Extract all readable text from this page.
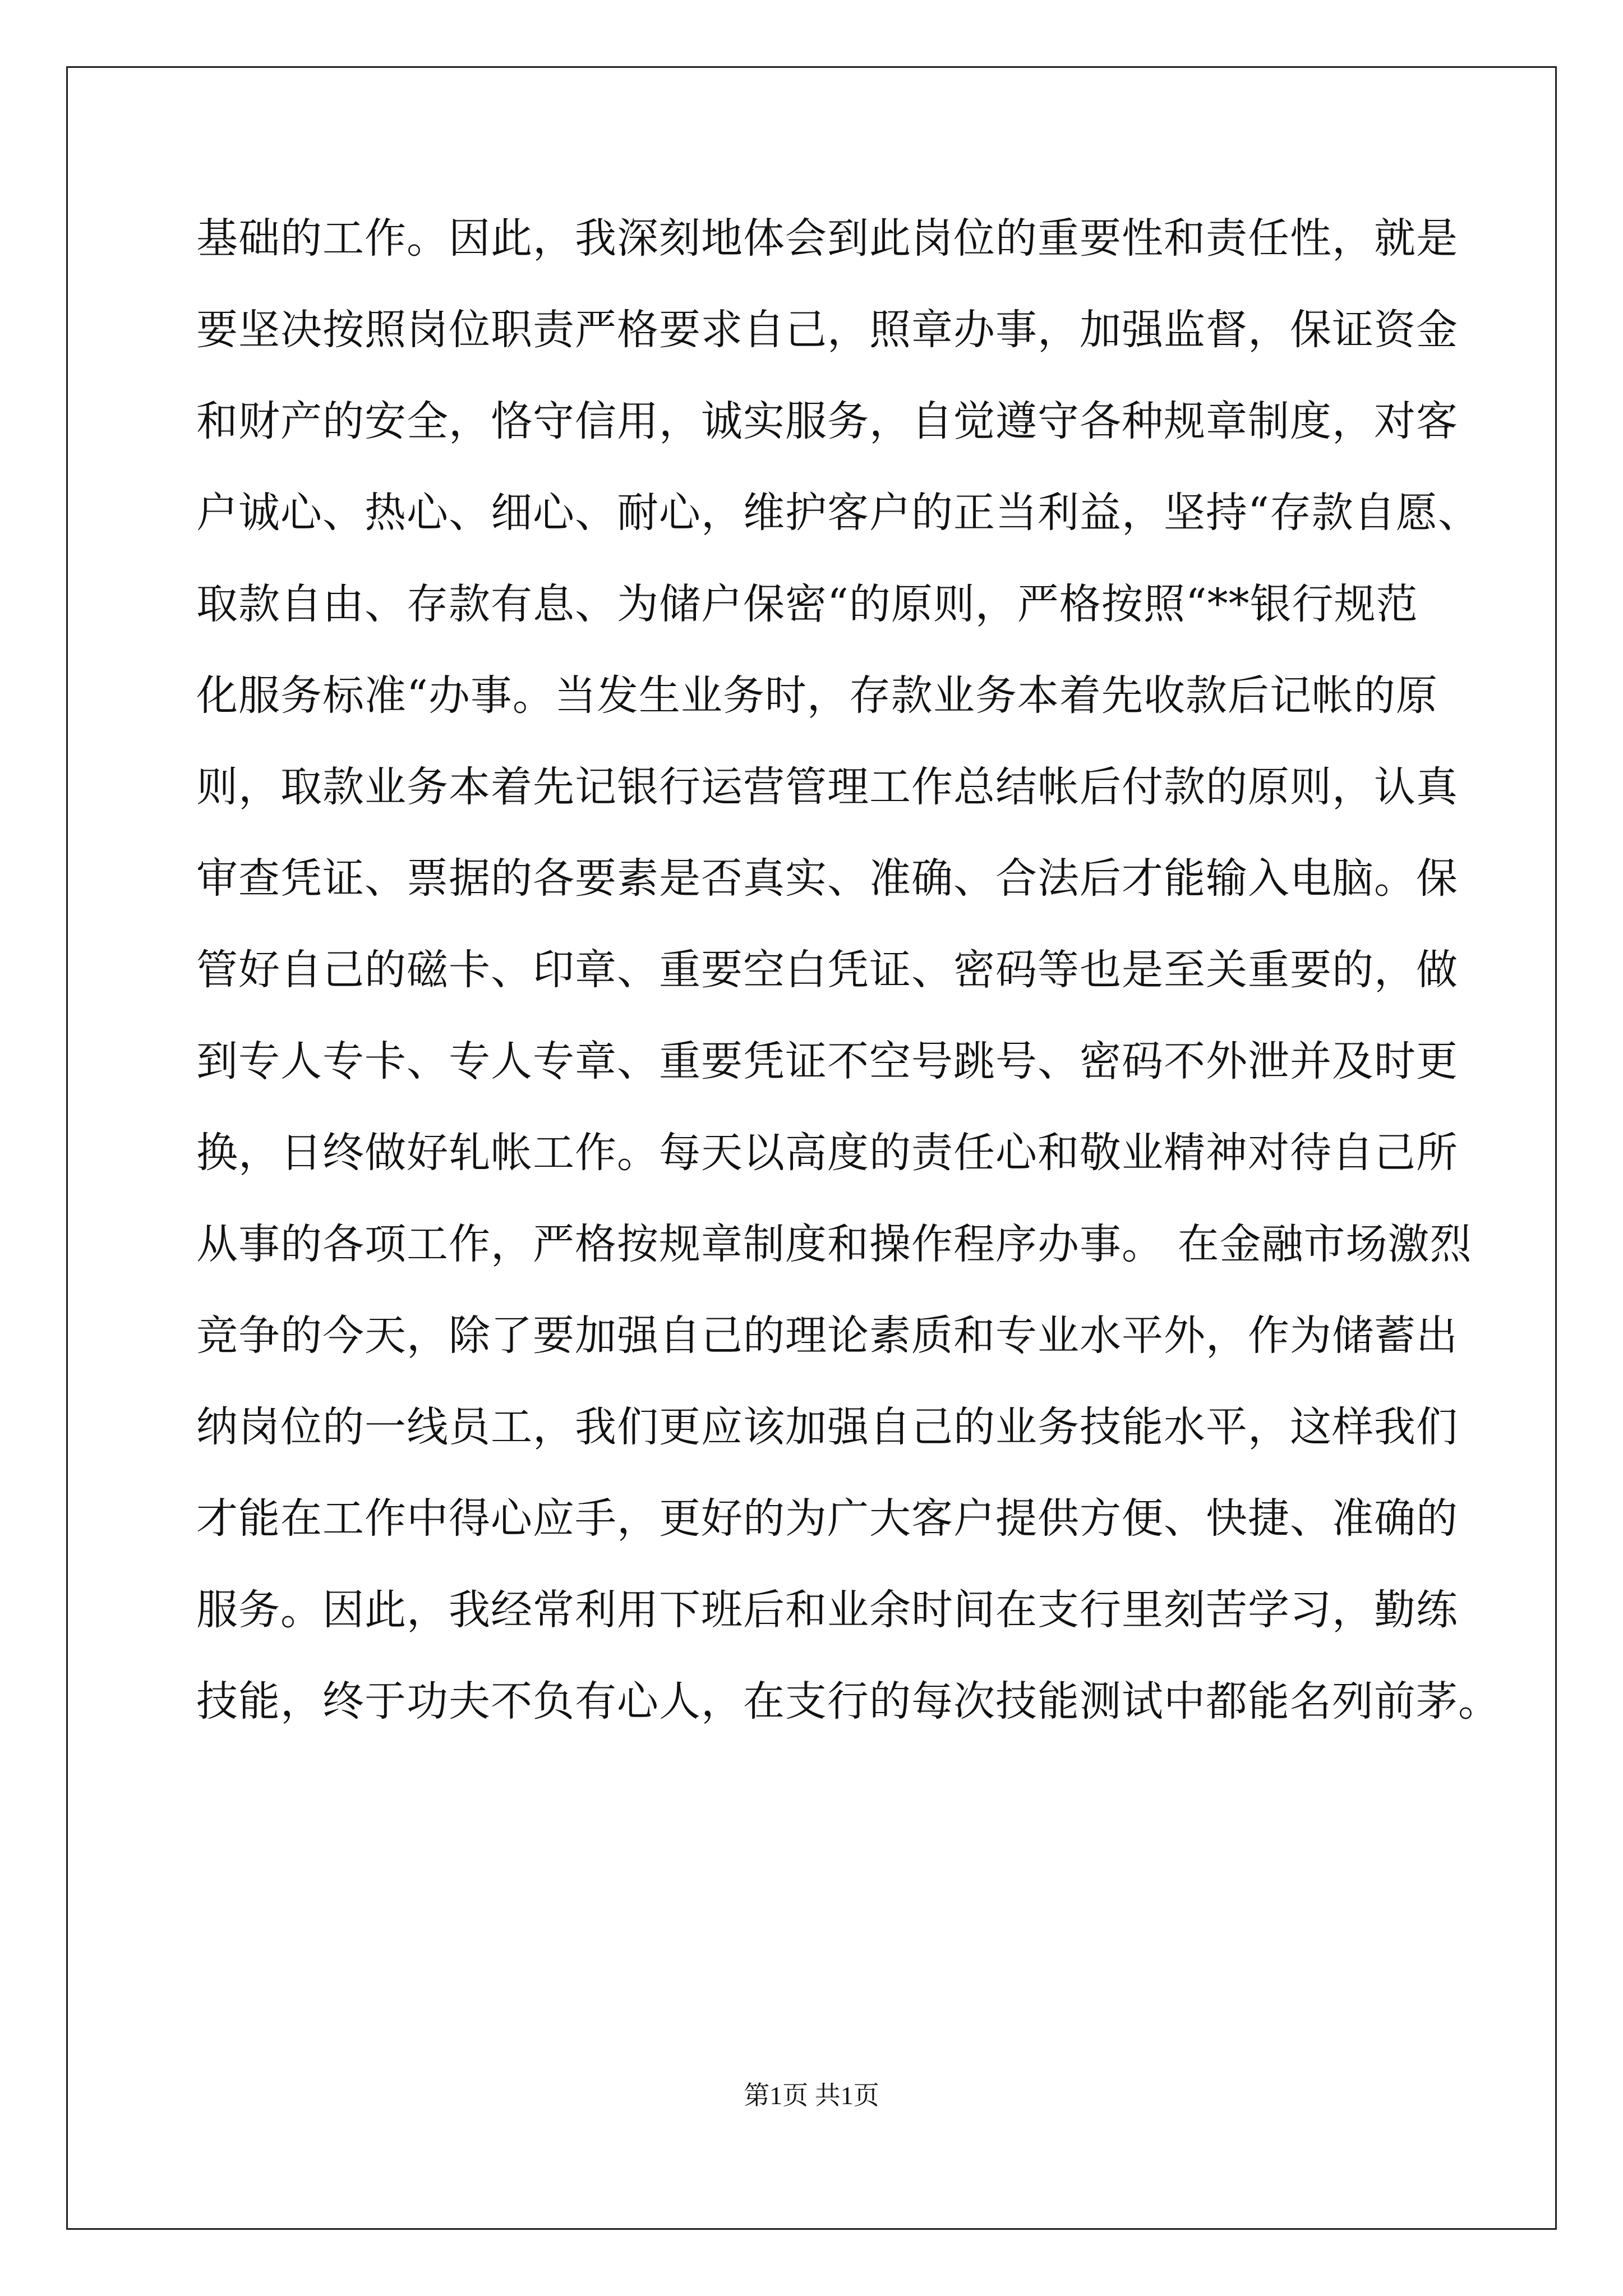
基础的工作。因此，我深刻地体会到此岗位的重要性和责任性，就是
要坚决按照岗位职责严格要求自己，照章办事，加强监督，保证资金
和财产的安全，恪守信用，诚实服务，自觉遵守各种规章制度，对客
户诚心、热心、细心、耐心，维护客户的正当利益，坚持“存款自愿、
取款自由、存款有息、为储户保密“的原则，严格按照“**银行规范
化服务标准“办事。当发生业务时，存款业务本着先收款后记帐的原
则，取款业务本着先记银行运营管理工作总结帐后付款的原则，认真
审查凭证、票据的各要素是否真实、准确、合法后才能输入电脑。保
管好自己的磁卡、印章、重要空白凭证、密码等也是至关重要的，做
到专人专卡、专人专章、重要凭证不空号跳号、密码不外泄并及时更
换，日终做好轧帐工作。每天以高度的责任心和敬业精神对待自己所
从事的各项工作，严格按规章制度和操作程序办事。 在金融市场激烈
竞争的今天，除了要加强自己的理论素质和专业水平外，作为储蓄出
纳岗位的一线员工，我们更应该加强自己的业务技能水平，这样我们
才能在工作中得心应手，更好的为广大客户提供方便、快捷、准确的
服务。因此，我经常利用下班后和业余时间在支行里刻苦学习，勤练
技能，终于功夫不负有心人，在支行的每次技能测试中都能名列前茅。
第1页 共1页
